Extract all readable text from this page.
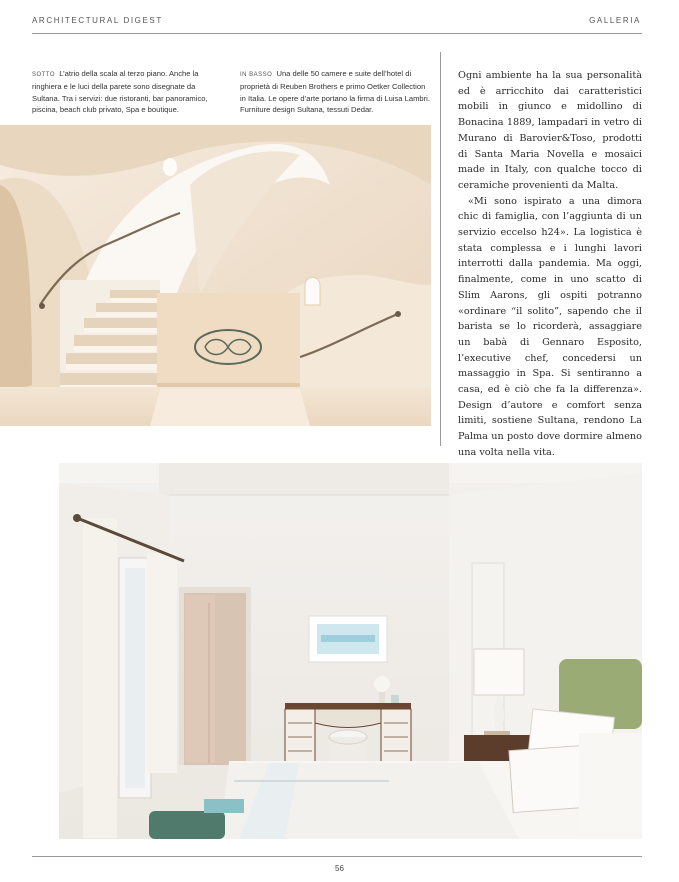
ARCHITECTURAL DIGEST	GALLERIA
SOTTO L’atrio della scala al terzo piano. Anche la ringhiera e le luci della parete sono disegnate da Sultana. Tra i servizi: due ristoranti, bar panoramico, piscina, beach club privato, Spa e boutique.
IN BASSO Una delle 50 camere e suite dell’hotel di proprietà di Reuben Brothers e primo Oetker Collection in Italia. Le opere d’arte portano la firma di Luisa Lambri. Furniture design Sultana, tessuti Dedar.

Ogni ambiente ha la sua personalità ed è arricchito dai caratteristici mobili in giunco e midollino di Bonacina 1889, lampadari in vetro di Murano di Barovier&Toso, prodotti di Santa Maria Novella e mosaici made in Italy, con qualche tocco di ceramiche provenienti da Malta.

«Mi sono ispirato a una dimora chic di famiglia, con l’aggiunta di un servizio eccelso h24». La logistica è stata complessa e i lunghi lavori interrotti dalla pandemia. Ma oggi, finalmente, come in uno scatto di Slim Aarons, gli ospiti potranno «ordinare “il solito”, sapendo che il barista se lo ricorderà, assaggiare un babà di Gennaro Esposito, l’executive chef, concedersi un massaggio in Spa. Si sentiranno a casa, ed è ciò che fa la differenza». Design d’autore e comfort senza limiti, sostiene Sultana, rendono La Palma un posto dove dormire almeno una volta nella vita.

56
